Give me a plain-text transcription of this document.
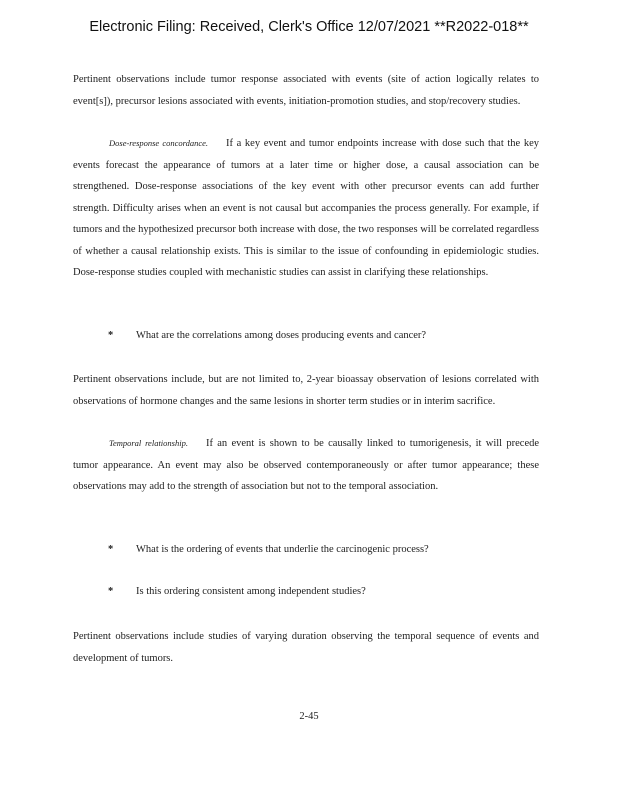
Electronic Filing: Received, Clerk's Office 12/07/2021 **R2022-018**

Pertinent observations include tumor response associated with events (site of action logically relates to event[s]), precursor lesions associated with events, initiation-promotion studies, and stop/recovery studies.

Dose-response concordance. If a key event and tumor endpoints increase with dose such that the key events forecast the appearance of tumors at a later time or higher dose, a causal association can be strengthened. Dose-response associations of the key event with other precursor events can add further strength. Difficulty arises when an event is not causal but accompanies the process generally. For example, if tumors and the hypothesized precursor both increase with dose, the two responses will be correlated regardless of whether a causal relationship exists. This is similar to the issue of confounding in epidemiologic studies. Dose-response studies coupled with mechanistic studies can assist in clarifying these relationships.

* What are the correlations among doses producing events and cancer?

Pertinent observations include, but are not limited to, 2-year bioassay observation of lesions correlated with observations of hormone changes and the same lesions in shorter term studies or in interim sacrifice.

Temporal relationship. If an event is shown to be causally linked to tumorigenesis, it will precede tumor appearance. An event may also be observed contemporaneously or after tumor appearance; these observations may add to the strength of association but not to the temporal association.

* What is the ordering of events that underlie the carcinogenic process?
* Is this ordering consistent among independent studies?

Pertinent observations include studies of varying duration observing the temporal sequence of events and development of tumors.

2-45
